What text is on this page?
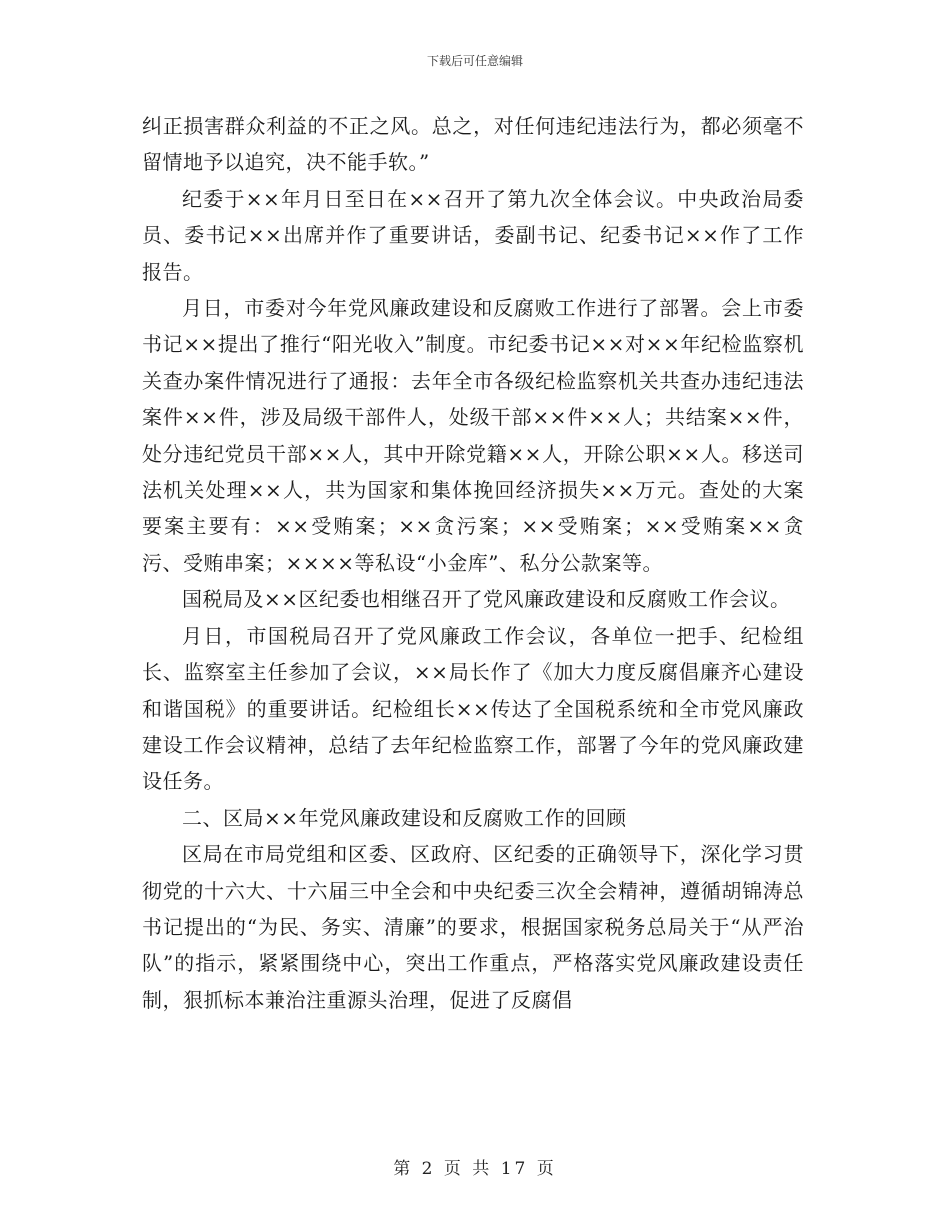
下载后可任意编辑

纠正损害群众利益的不正之风。总之，对任何违纪违法行为，都必须毫不留情地予以追究，决不能手软。”

纪委于××年月日至日在××召开了第九次全体会议。中央政治局委员、委书记××出席并作了重要讲话，委副书记、纪委书记××作了工作报告。

月日，市委对今年党风廉政建设和反腐败工作进行了部署。会上市委书记××提出了推行“阳光收入”制度。市纪委书记××对××年纪检监察机关查办案件情况进行了通报：去年全市各级纪检监察机关共查办违纪违法案件××件，涉及局级干部件人，处级干部××件××人；共结案××件，处分违纪党员干部××人，其中开除党籍××人，开除公职××人。移送司法机关处理××人，共为国家和集体挽回经济损失××万元。查处的大案要案主要有：××受贿案；××贪污案；××受贿案；××受贿案××贪污、受贿串案；××××等私设“小金库”、私分公款案等。

国税局及××区纪委也相继召开了党风廉政建设和反腐败工作会议。

月日，市国税局召开了党风廉政工作会议，各单位一把手、纪检组长、监察室主任参加了会议，××局长作了《加大力度反腐倡廉齐心建设和谐国税》的重要讲话。纪检组长××传达了全国税系统和全市党风廉政建设工作会议精神，总结了去年纪检监察工作，部署了今年的党风廉政建设任务。

二、区局××年党风廉政建设和反腐败工作的回顾

区局在市局党组和区委、区政府、区纪委的正确领导下，深化学习贯彻党的十六大、十六届三中全会和中央纪委三次全会精神，遵循胡锦涛总书记提出的“为民、务实、清廉”的要求，根据国家税务总局关于“从严治队”的指示，紧紧围绕中心，突出工作重点，严格落实党风廉政建设责任制，狠抓标本兼治注重源头治理，促进了反腐倡

第 2 页 共 17 页
